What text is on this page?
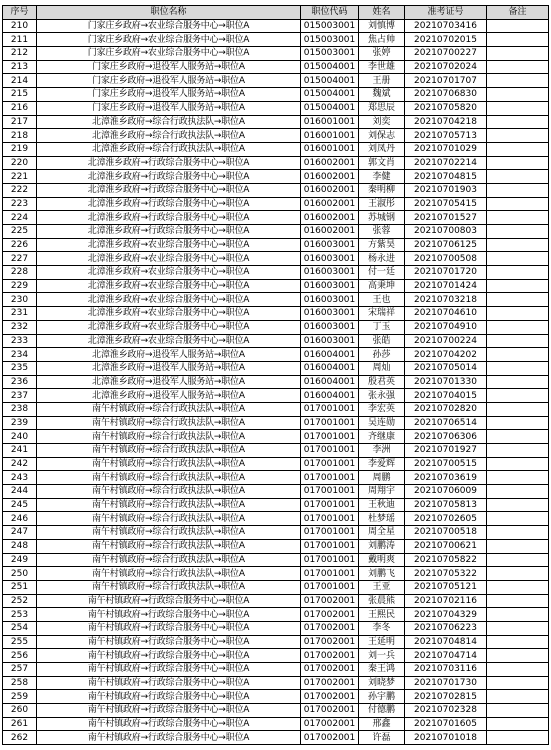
序号	职位名称	职位代码	姓名	准考证号	备注
210	门家庄乡政府→农业综合服务中心→职位A	015003001	刘慎博	20210703416	
211	门家庄乡政府→农业综合服务中心→职位A	015003001	焦占帅	20210702015	
212	门家庄乡政府→农业综合服务中心→职位A	015003001	张婷	20210700227	
213	门家庄乡政府→退役军人服务站→职位A	015004001	李世雄	20210702024	
214	门家庄乡政府→退役军人服务站→职位A	015004001	王册	20210701707	
215	门家庄乡政府→退役军人服务站→职位A	015004001	魏斌	20210706830	
216	门家庄乡政府→退役军人服务站→职位A	015004001	郑思辰	20210705820	
217	北漳淮乡政府→综合行政执法队→职位A	016001001	刘奕	20210704218	
218	北漳淮乡政府→综合行政执法队→职位A	016001001	刘保志	20210705713	
219	北漳淮乡政府→综合行政执法队→职位A	016001001	刘凤丹	20210701029	
220	北漳淮乡政府→行政综合服务中心→职位A	016002001	郭文肖	20210702214	
221	北漳淮乡政府→行政综合服务中心→职位A	016002001	李健	20210704815	
222	北漳淮乡政府→行政综合服务中心→职位A	016002001	秦明柳	20210701903	
223	北漳淮乡政府→行政综合服务中心→职位A	016002001	王淑彤	20210705415	
224	北漳淮乡政府→行政综合服务中心→职位A	016002001	苏城钢	20210701527	
225	北漳淮乡政府→行政综合服务中心→职位A	016002001	张蓉	20210700803	
226	北漳淮乡政府→农业综合服务中心→职位A	016003001	方紫昊	20210706125	
227	北漳淮乡政府→农业综合服务中心→职位A	016003001	杨永进	20210700508	
228	北漳淮乡政府→农业综合服务中心→职位A	016003001	付一廷	20210701720	
229	北漳淮乡政府→农业综合服务中心→职位A	016003001	高秉坤	20210701424	
230	北漳淮乡政府→农业综合服务中心→职位A	016003001	王也	20210703218	
231	北漳淮乡政府→农业综合服务中心→职位A	016003001	宋瑞祥	20210704610	
232	北漳淮乡政府→农业综合服务中心→职位A	016003001	丁玉	20210704910	
233	北漳淮乡政府→农业综合服务中心→职位A	016003001	张皓	20210700224	
234	北漳淮乡政府→退役军人服务站→职位A	016004001	孙莎	20210704202	
235	北漳淮乡政府→退役军人服务站→职位A	016004001	周灿	20210705014	
236	北漳淮乡政府→退役军人服务站→职位A	016004001	殷君英	20210701330	
237	北漳淮乡政府→退役军人服务站→职位A	016004001	张永强	20210704015	
238	南午村镇政府→综合行政执法队→职位A	017001001	李宏英	20210702820	
239	南午村镇政府→综合行政执法队→职位A	017001001	吴连勋	20210706514	
240	南午村镇政府→综合行政执法队→职位A	017001001	齐继康	20210706306	
241	南午村镇政府→综合行政执法队→职位A	017001001	李洲	20210701927	
242	南午村镇政府→综合行政执法队→职位A	017001001	李爱辉	20210700515	
243	南午村镇政府→综合行政执法队→职位A	017001001	周鹏	20210703619	
244	南午村镇政府→综合行政执法队→职位A	017001001	周翔宇	20210706009	
245	南午村镇政府→综合行政执法队→职位A	017001001	王秋迪	20210705813	
246	南午村镇政府→综合行政执法队→职位A	017001001	杜梦瑶	20210702605	
247	南午村镇政府→综合行政执法队→职位A	017001001	周全星	20210700518	
248	南午村镇政府→综合行政执法队→职位A	017001001	刘鹏涛	20210700621	
249	南午村镇政府→综合行政执法队→职位A	017001001	戴明爽	20210705822	
250	南午村镇政府→综合行政执法队→职位A	017001001	刘鹏飞	20210705322	
251	南午村镇政府→综合行政执法队→职位A	017001001	王亚	20210705121	
252	南午村镇政府→行政综合服务中心→职位A	017002001	张晨熊	20210702116	
253	南午村镇政府→行政综合服务中心→职位A	017002001	王熙民	20210704329	
254	南午村镇政府→行政综合服务中心→职位A	017002001	李冬	20210706223	
255	南午村镇政府→行政综合服务中心→职位A	017002001	王延明	20210704814	
256	南午村镇政府→行政综合服务中心→职位A	017002001	刘一兵	20210704714	
257	南午村镇政府→行政综合服务中心→职位A	017002001	秦王鸿	20210703116	
258	南午村镇政府→行政综合服务中心→职位A	017002001	刘晓梦	20210701730	
259	南午村镇政府→行政综合服务中心→职位A	017002001	孙宇鹏	20210702815	
260	南午村镇政府→行政综合服务中心→职位A	017002001	付德鹏	20210702328	
261	南午村镇政府→行政综合服务中心→职位A	017002001	邢鑫	20210701605	
262	南午村镇政府→行政综合服务中心→职位A	017002001	许磊	20210701018	
